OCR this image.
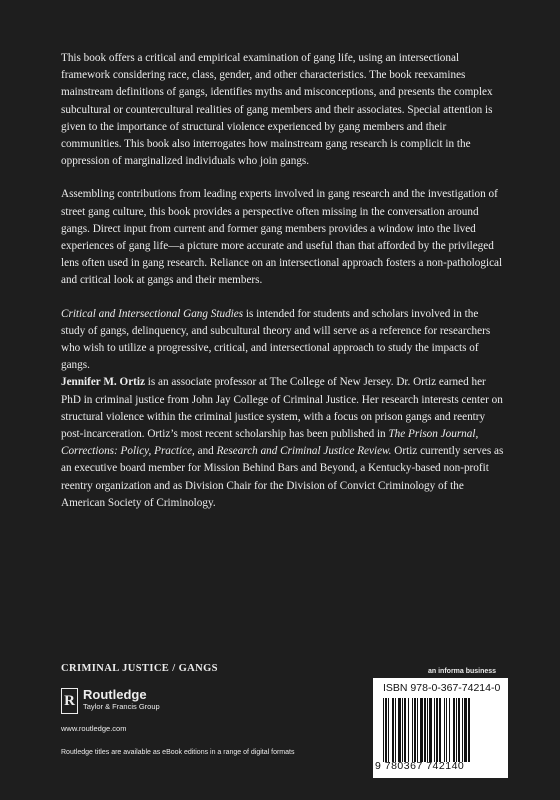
This book offers a critical and empirical examination of gang life, using an intersectional framework considering race, class, gender, and other characteristics. The book reexamines mainstream definitions of gangs, identifies myths and misconceptions, and presents the complex subcultural or countercultural realities of gang members and their associates. Special attention is given to the importance of structural violence experienced by gang members and their communities. This book also interrogates how mainstream gang research is complicit in the oppression of marginalized individuals who join gangs.

Assembling contributions from leading experts involved in gang research and the investigation of street gang culture, this book provides a perspective often missing in the conversation around gangs. Direct input from current and former gang members provides a window into the lived experiences of gang life—a picture more accurate and useful than that afforded by the privileged lens often used in gang research. Reliance on an intersectional approach fosters a non-pathological and critical look at gangs and their members.

Critical and Intersectional Gang Studies is intended for students and scholars involved in the study of gangs, delinquency, and subcultural theory and will serve as a reference for researchers who wish to utilize a progressive, critical, and intersectional approach to study the impacts of gangs.

Jennifer M. Ortiz is an associate professor at The College of New Jersey. Dr. Ortiz earned her PhD in criminal justice from John Jay College of Criminal Justice. Her research interests center on structural violence within the criminal justice system, with a focus on prison gangs and reentry post-incarceration. Ortiz’s most recent scholarship has been published in The Prison Journal, Corrections: Policy, Practice, and Research and Criminal Justice Review. Ortiz currently serves as an executive board member for Mission Behind Bars and Beyond, a Kentucky-based non-profit reentry organization and as Division Chair for the Division of Convict Criminology of the American Society of Criminology.

CRIMINAL JUSTICE / GANGS
R Routledge
Taylor & Francis Group
www.routledge.com
Routledge titles are available as eBook editions in a range of digital formats
an informa business
ISBN 978-0-367-74214-0
9 780367 742140
